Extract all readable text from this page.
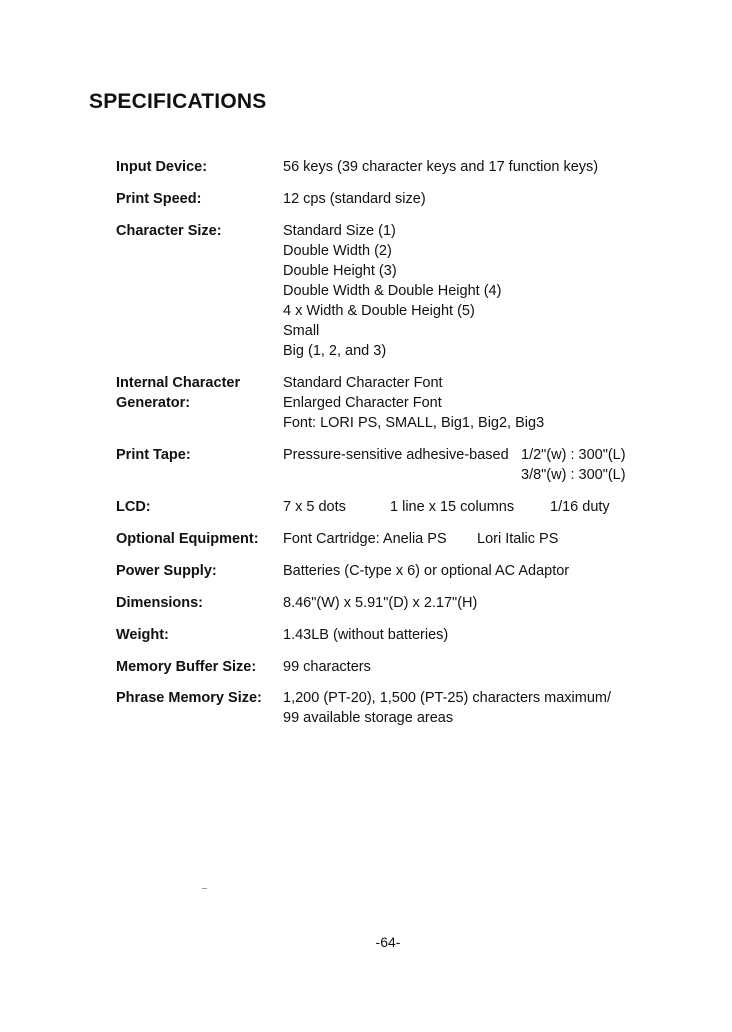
SPECIFICATIONS
Input Device:	56 keys (39 character keys and 17 function keys)
Print Speed:	12 cps (standard size)
Character Size:	Standard Size (1)
Double Width (2)
Double Height (3)
Double Width & Double Height (4)
4 x Width & Double Height (5)
Small
Big (1, 2, and 3)
Internal Character
Generator:
Standard Character Font
Enlarged Character Font
Font: LORI PS, SMALL, Big1, Big2, Big3
Print Tape:	Pressure-sensitive adhesive-based 1/2"(w) : 300"(L)
3/8"(w) : 300"(L)
LCD:	7 x 5 dots	1 line x 15 columns 1/16 duty
Optional Equipment:	Font Cartridge: Anelia PS Lori Italic PS
Power Supply:	Batteries (C-type x 6) or optional AC Adaptor
Dimensions:	8.46"(W) x 5.91"(D) x 2.17"(H)
Weight:	1.43LB (without batteries)
Memory Buffer Size:	99 characters
Phrase Memory Size:	1,200 (PT-20), 1,500 (PT-25) characters maximum/
99 available storage areas
-64-
